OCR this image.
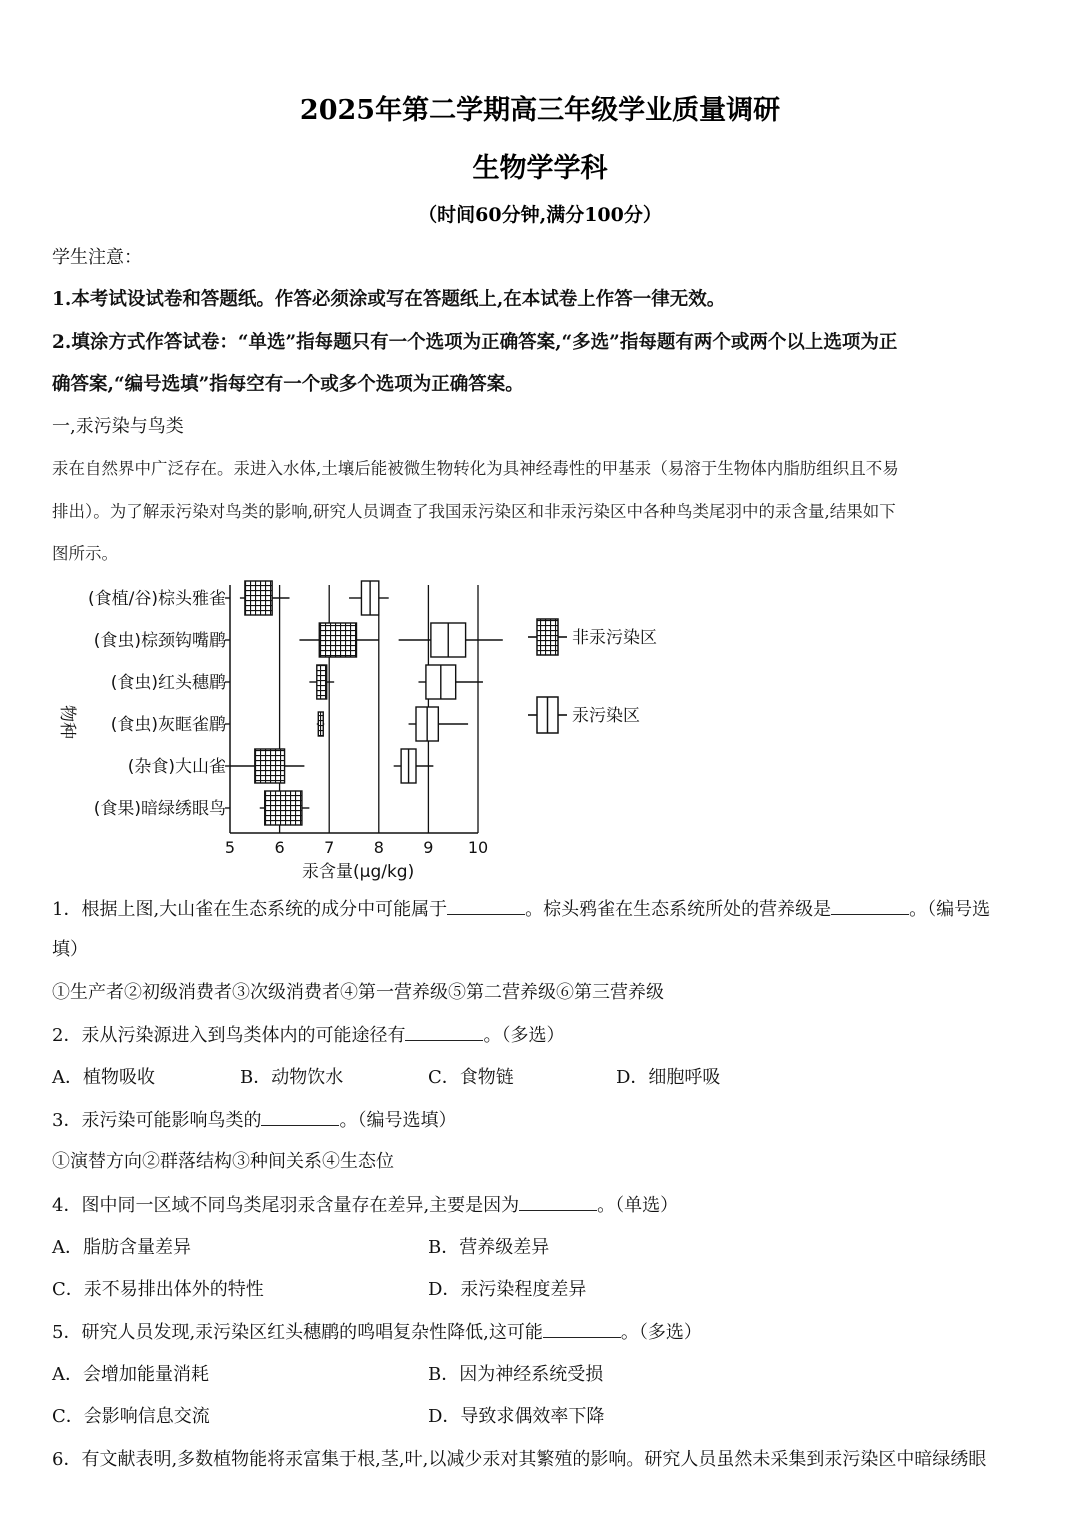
2025年第二学期高三年级学业质量调研
生物学学科
（时间60分钟,满分100分）
学生注意：
1.本考试设试卷和答题纸。作答必须涂或写在答题纸上,在本试卷上作答一律无效。
2.填涂方式作答试卷：“单选”指每题只有一个选项为正确答案,“多选”指每题有两个或两个以上选项为正
确答案,“编号选填”指每空有一个或多个选项为正确答案。
一,汞污染与鸟类
汞在自然界中广泛存在。汞进入水体,土壤后能被微生物转化为具神经毒性的甲基汞（易溶于生物体内脂肪组织且不易
排出）。为了解汞污染对鸟类的影响,研究人员调查了我国汞污染区和非汞污染区中各种鸟类尾羽中的汞含量,结果如下
图所示。
(食植/谷)棕头雅雀
(食虫)棕颈钩嘴鹛
(食虫)红头穗鹛
(食虫)灰眶雀鹛
(杂食)大山雀
(食果)暗绿绣眼鸟
5 6 7 8 9 10
物种
汞含量(μg/kg)
非汞污染区
汞污染区
1．根据上图,大山雀在生态系统的成分中可能属于	。棕头鸦雀在生态系统所处的营养级是	。（编号选
填）
①生产者②初级消费者③次级消费者④第一营养级⑤第二营养级⑥第三营养级
2．汞从污染源进入到鸟类体内的可能途径有	。（多选）
A．植物吸收	B．动物饮水	C．食物链	D．细胞呼吸
3．汞污染可能影响鸟类的	。（编号选填）
①演替方向②群落结构③种间关系④生态位
4．图中同一区域不同鸟类尾羽汞含量存在差异,主要是因为	。（单选）
A．脂肪含量差异	B．营养级差异
C．汞不易排出体外的特性	D．汞污染程度差异
5．研究人员发现,汞污染区红头穗鹛的鸣唱复杂性降低,这可能	。（多选）
A．会增加能量消耗	B．因为神经系统受损
C．会影响信息交流	D．导致求偶效率下降
6．有文献表明,多数植物能将汞富集于根,茎,叶,以减少汞对其繁殖的影响。研究人员虽然未采集到汞污染区中暗绿绣眼
